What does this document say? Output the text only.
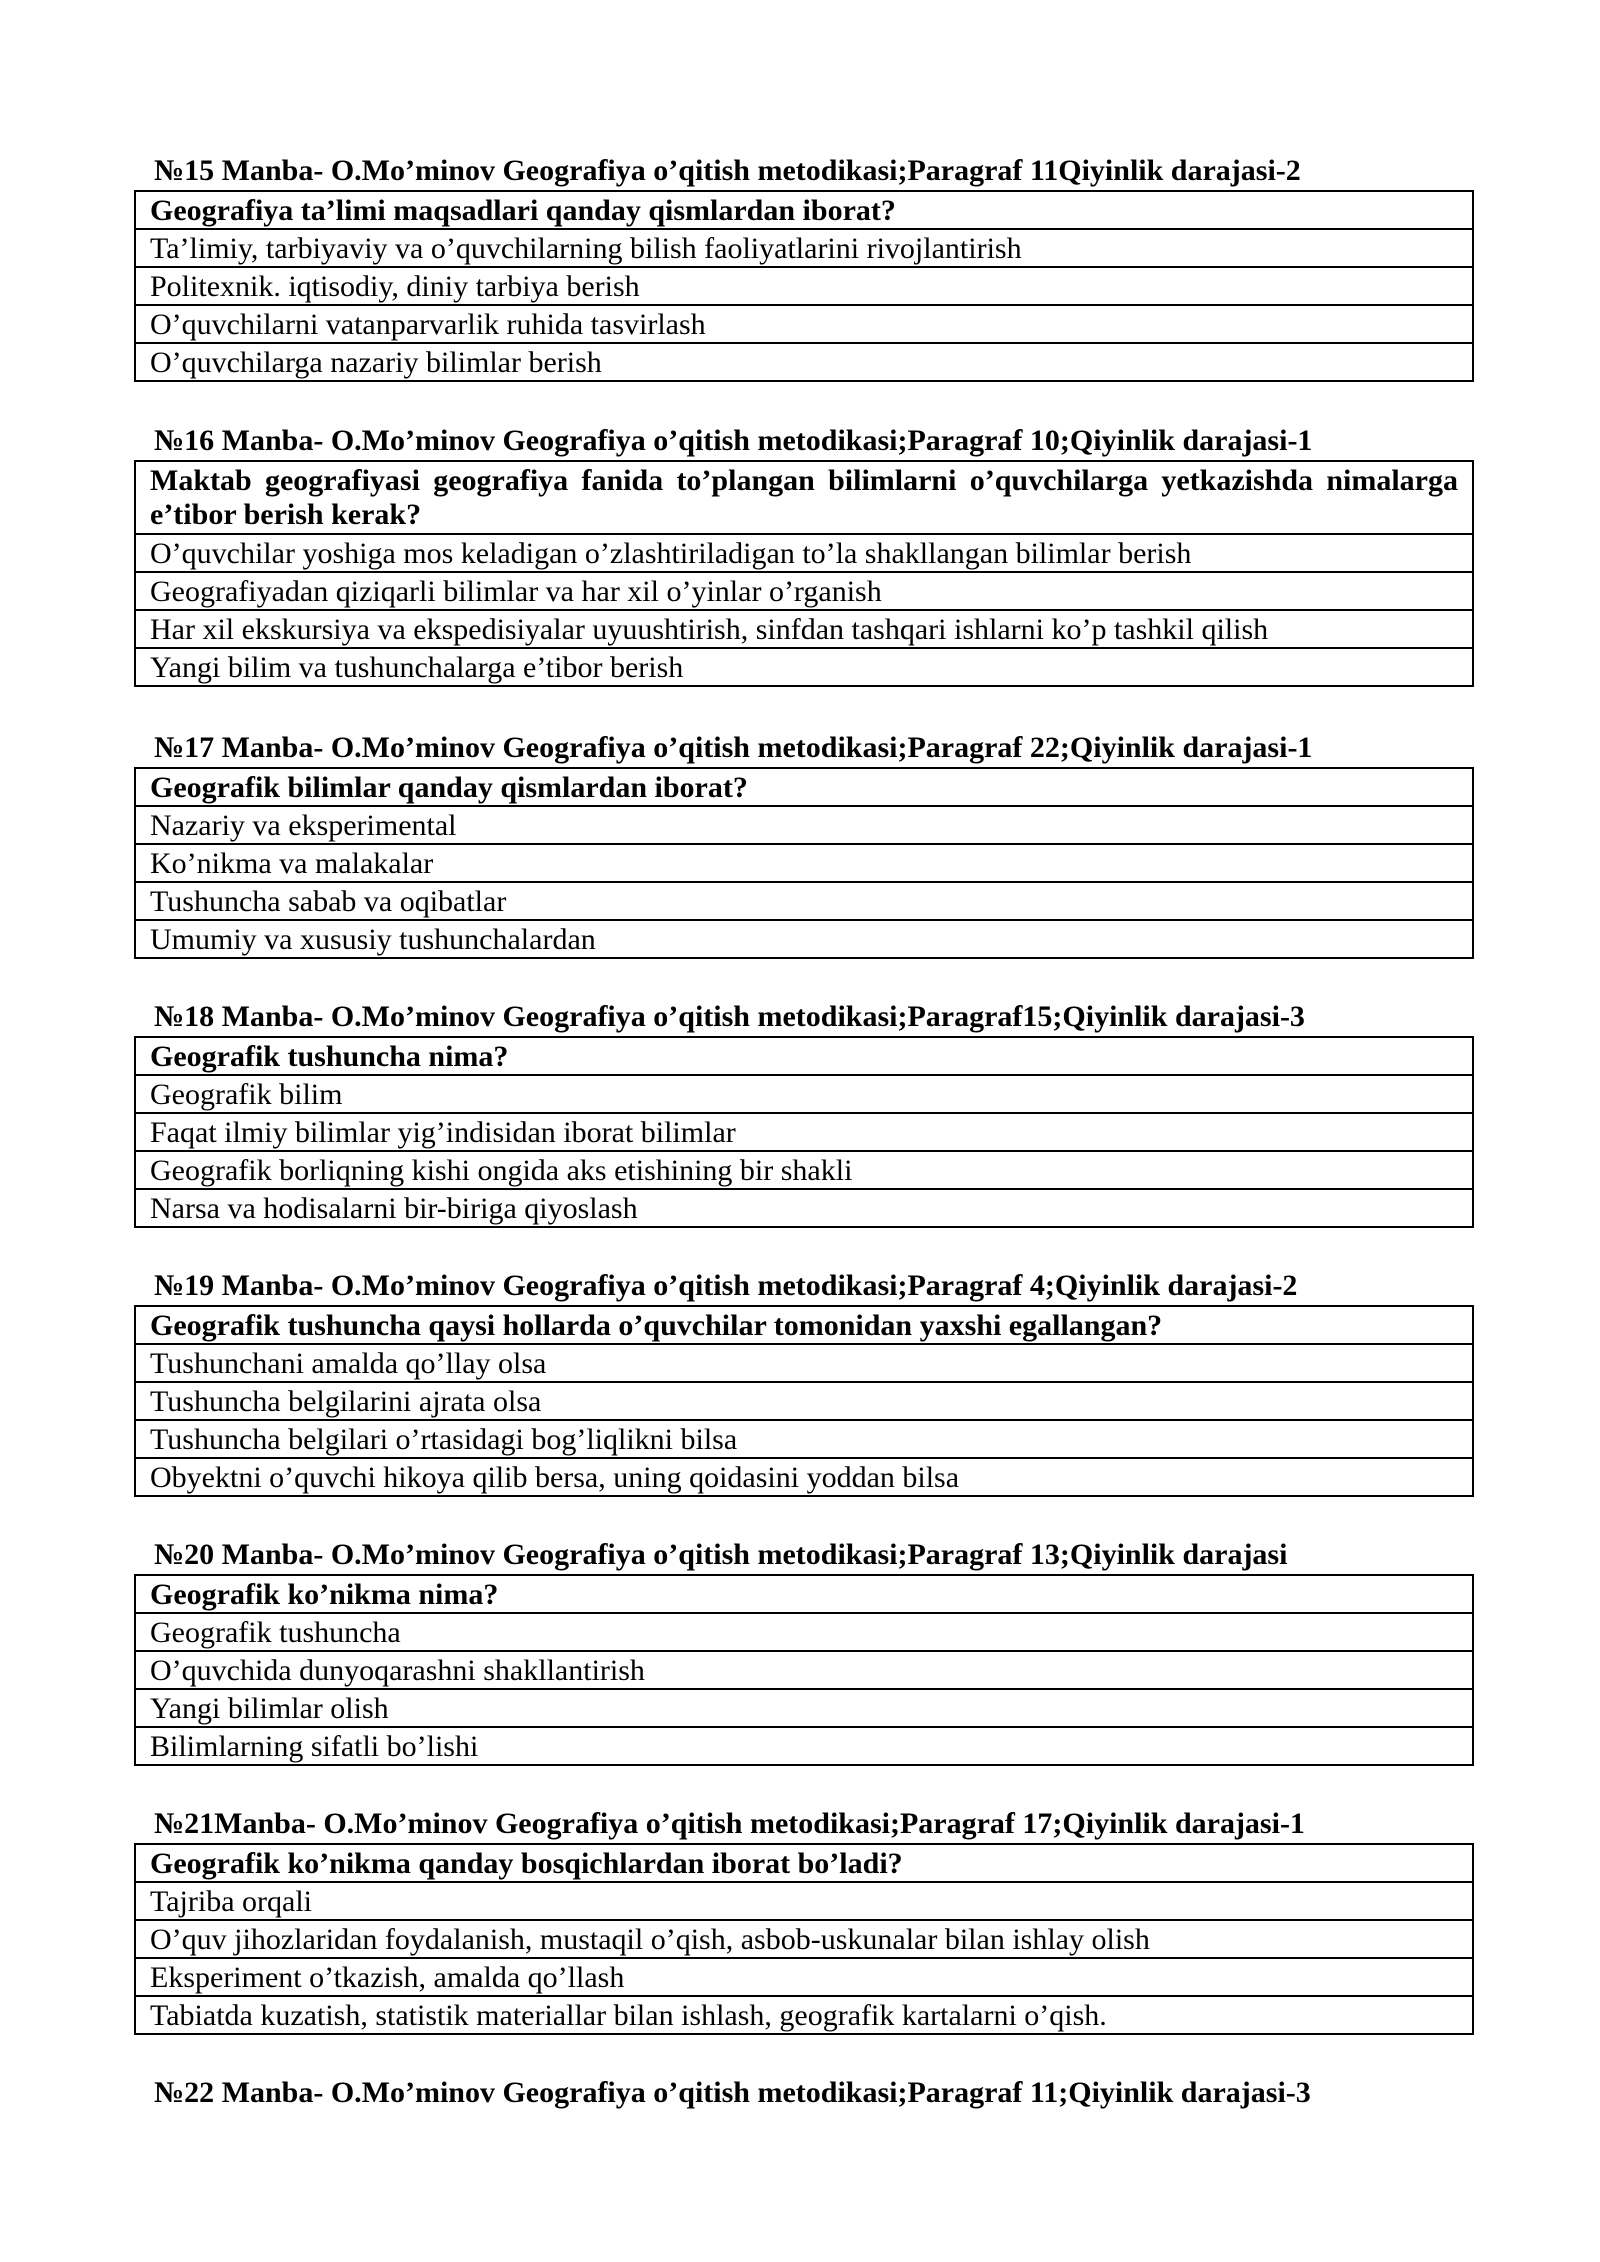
№15 Manba- O.Mo’minov Geografiya o’qitish metodikasi;Paragraf 11Qiyinlik darajasi-2
Geografiya ta’limi maqsadlari qanday qismlardan iborat?
Ta’limiy, tarbiyaviy va o’quvchilarning bilish faoliyatlarini rivojlantirish
Politexnik. iqtisodiy, diniy tarbiya berish
O’quvchilarni vatanparvarlik ruhida tasvirlash
O’quvchilarga nazariy bilimlar berish
№16 Manba- O.Mo’minov Geografiya o’qitish metodikasi;Paragraf 10;Qiyinlik darajasi-1
Maktab geografiyasi geografiya fanida to’plangan bilimlarni o’quvchilarga yetkazishda nimalarga e’tibor berish kerak?
O’quvchilar yoshiga mos keladigan o’zlashtiriladigan to’la shakllangan bilimlar berish
Geografiyadan qiziqarli bilimlar va har xil o’yinlar o’rganish
Har xil ekskursiya va ekspedisiyalar uyuushtirish, sinfdan tashqari ishlarni ko’p tashkil qilish
Yangi bilim va tushunchalarga e’tibor berish
№17 Manba- O.Mo’minov Geografiya o’qitish metodikasi;Paragraf 22;Qiyinlik darajasi-1
Geografik bilimlar qanday qismlardan iborat?
Nazariy va eksperimental
Ko’nikma va malakalar
Tushuncha sabab va oqibatlar
Umumiy va xususiy tushunchalardan
№18 Manba- O.Mo’minov Geografiya o’qitish metodikasi;Paragraf15;Qiyinlik darajasi-3
Geografik tushuncha nima?
Geografik bilim
Faqat ilmiy bilimlar yig’indisidan iborat bilimlar
Geografik borliqning kishi ongida aks etishining bir shakli
Narsa va hodisalarni bir-biriga qiyoslash
№19 Manba- O.Mo’minov Geografiya o’qitish metodikasi;Paragraf 4;Qiyinlik darajasi-2
Geografik tushuncha qaysi hollarda o’quvchilar tomonidan yaxshi egallangan?
Tushunchani amalda qo’llay olsa
Tushuncha belgilarini ajrata olsa
Tushuncha belgilari o’rtasidagi bog’liqlikni bilsa
Obyektni o’quvchi hikoya qilib bersa, uning qoidasini yoddan bilsa
№20 Manba- O.Mo’minov Geografiya o’qitish metodikasi;Paragraf 13;Qiyinlik darajasi
Geografik ko’nikma nima?
Geografik tushuncha
O’quvchida dunyoqarashni shakllantirish
Yangi bilimlar olish
Bilimlarning sifatli bo’lishi
№21Manba- O.Mo’minov Geografiya o’qitish metodikasi;Paragraf 17;Qiyinlik darajasi-1
Geografik ko’nikma qanday bosqichlardan iborat bo’ladi?
Tajriba orqali
O’quv jihozlaridan foydalanish, mustaqil o’qish, asbob-uskunalar bilan ishlay olish
Eksperiment o’tkazish, amalda qo’llash
Tabiatda kuzatish, statistik materiallar bilan ishlash, geografik kartalarni o’qish.
№22 Manba- O.Mo’minov Geografiya o’qitish metodikasi;Paragraf 11;Qiyinlik darajasi-3
